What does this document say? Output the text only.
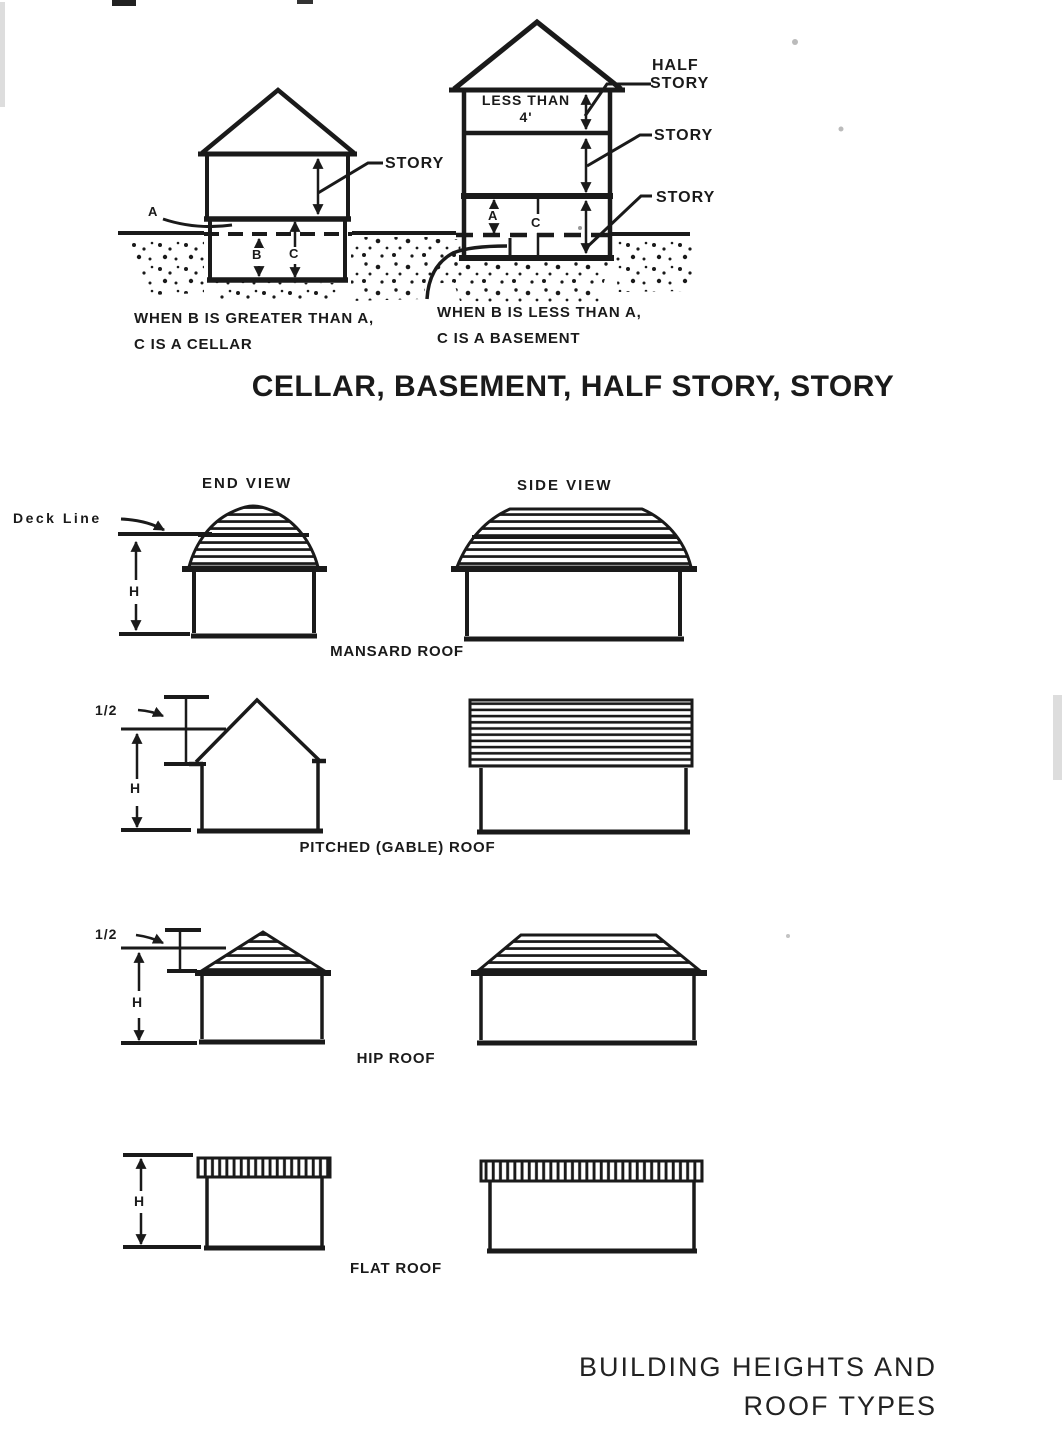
STORY
HALF
STORY
STORY
STORY
LESS THAN
4'
A
B C
A	C
WHEN B IS GREATER THAN A,
C IS A CELLAR
WHEN B IS LESS THAN A,
C IS A BASEMENT
CELLAR, BASEMENT, HALF STORY, STORY
END VIEW	SIDE VIEW
Deck Line
H
MANSARD ROOF
1/2
H
PITCHED (GABLE) ROOF
1/2
H
HIP ROOF
H
FLAT ROOF
BUILDING HEIGHTS AND
ROOF TYPES
